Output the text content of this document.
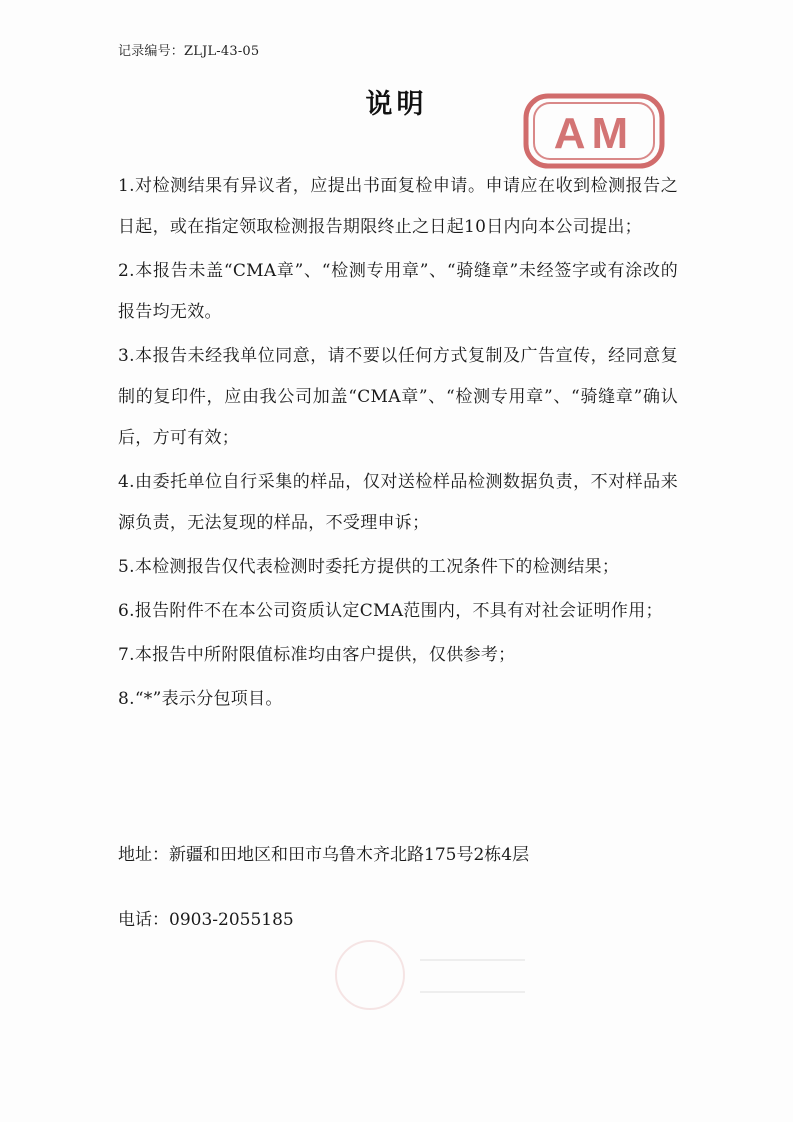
记录编号：ZLJL-43-05
说明
AM
1.对检测结果有异议者，应提出书面复检申请。申请应在收到检测报告之日起，或在指定领取检测报告期限终止之日起10日内向本公司提出；
2.本报告未盖“CMA章”、“检测专用章”、“骑缝章”未经签字或有涂改的报告均无效。
3.本报告未经我单位同意，请不要以任何方式复制及广告宣传，经同意复制的复印件，应由我公司加盖“CMA章”、“检测专用章”、“骑缝章”确认后，方可有效；
4.由委托单位自行采集的样品，仅对送检样品检测数据负责，不对样品来源负责，无法复现的样品，不受理申诉；
5.本检测报告仅代表检测时委托方提供的工况条件下的检测结果；
6.报告附件不在本公司资质认定CMA范围内，不具有对社会证明作用；
7.本报告中所附限值标准均由客户提供，仅供参考；
8.“*”表示分包项目。
地址：新疆和田地区和田市乌鲁木齐北路175号2栋4层
电话：0903-2055185
